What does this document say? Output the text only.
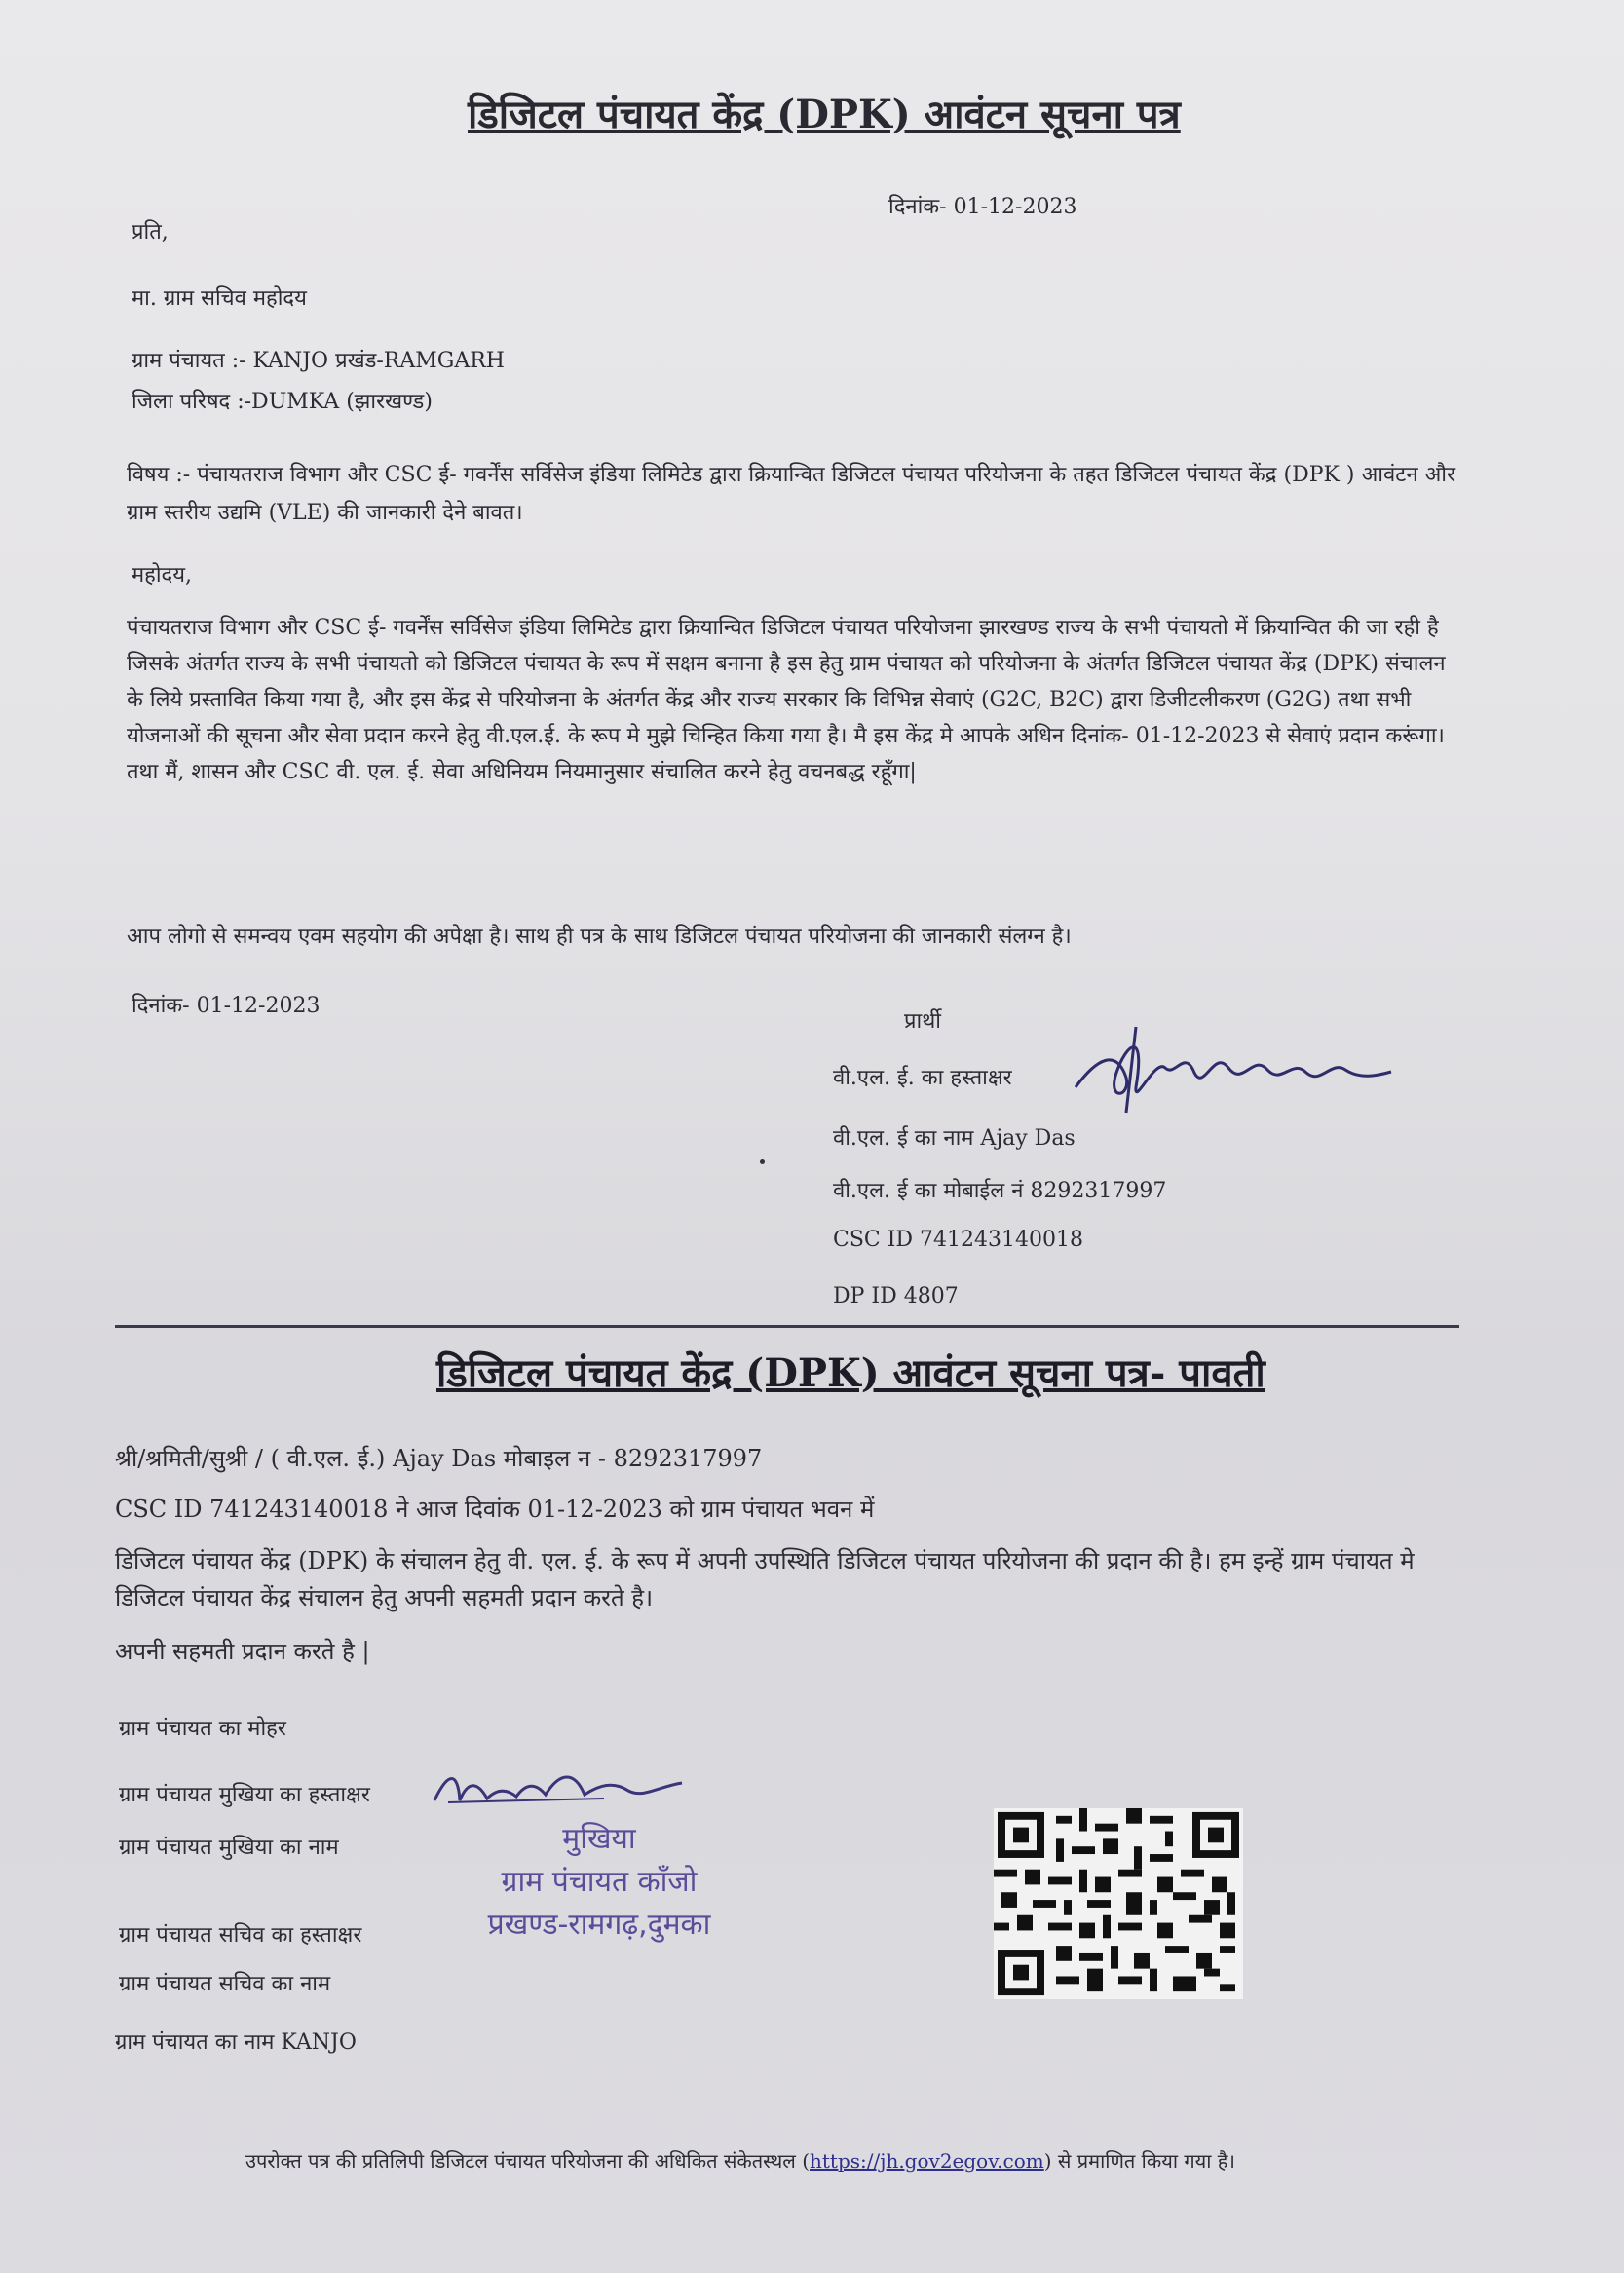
डिजिटल पंचायत केंद्र (DPK) आवंटन सूचना पत्र
दिनांक- 01-12-2023
प्रति,
मा. ग्राम सचिव महोदय
ग्राम पंचायत :- KANJO प्रखंड-RAMGARH
जिला परिषद :-DUMKA (झारखण्ड)
विषय :- पंचायतराज विभाग और CSC ई- गवर्नेंस सर्विसेज इंडिया लिमिटेड द्वारा क्रियान्वित डिजिटल पंचायत परियोजना के तहत डिजिटल पंचायत केंद्र (DPK ) आवंटन और ग्राम स्तरीय उद्यमि (VLE) की जानकारी देने बावत।
महोदय,
पंचायतराज विभाग और CSC ई- गवर्नेंस सर्विसेज इंडिया लिमिटेड द्वारा क्रियान्वित डिजिटल पंचायत परियोजना झारखण्ड राज्य के सभी पंचायतो में क्रियान्वित की जा रही है जिसके अंतर्गत राज्य के सभी पंचायतो को डिजिटल पंचायत के रूप में सक्षम बनाना है इस हेतु ग्राम पंचायत को परियोजना के अंतर्गत डिजिटल पंचायत केंद्र (DPK) संचालन के लिये प्रस्तावित किया गया है, और इस केंद्र से परियोजना के अंतर्गत केंद्र और राज्य सरकार कि विभिन्न सेवाएं (G2C, B2C) द्वारा डिजीटलीकरण (G2G) तथा सभी योजनाओं की सूचना और सेवा प्रदान करने हेतु वी.एल.ई. के रूप मे मुझे चिन्हित किया गया है। मै इस केंद्र मे आपके अधिन दिनांक- 01-12-2023 से सेवाएं प्रदान करूंगा। तथा मैं, शासन और CSC वी. एल. ई. सेवा अधिनियम नियमानुसार संचालित करने हेतु वचनबद्ध रहूँगा|
आप लोगो से समन्वय एवम सहयोग की अपेक्षा है। साथ ही पत्र के साथ डिजिटल पंचायत परियोजना की जानकारी संलग्न है।
दिनांक- 01-12-2023
प्रार्थी
वी.एल. ई. का हस्ताक्षर
वी.एल. ई का नाम Ajay Das
वी.एल. ई का मोबाईल नं 8292317997
CSC ID 741243140018
DP ID 4807
डिजिटल पंचायत केंद्र (DPK) आवंटन सूचना पत्र- पावती
श्री/श्रमिती/सुश्री / ( वी.एल. ई.) Ajay Das मोबाइल न - 8292317997
CSC ID 741243140018 ने आज दिवांक 01-12-2023 को ग्राम पंचायत भवन में
डिजिटल पंचायत केंद्र (DPK) के संचालन हेतु वी. एल. ई. के रूप में अपनी उपस्थिति डिजिटल पंचायत परियोजना की प्रदान की है। हम इन्हें ग्राम पंचायत मे डिजिटल पंचायत केंद्र संचालन हेतु अपनी सहमती प्रदान करते है।
अपनी सहमती प्रदान करते है |
ग्राम पंचायत का मोहर
ग्राम पंचायत मुखिया का हस्ताक्षर
ग्राम पंचायत मुखिया का नाम
ग्राम पंचायत सचिव का हस्ताक्षर
ग्राम पंचायत सचिव का नाम
ग्राम पंचायत का नाम KANJO
मुखिया
ग्राम पंचायत काँजो
प्रखण्ड-रामगढ़,दुमका
उपरोक्त पत्र की प्रतिलिपी डिजिटल पंचायत परियोजना की अधिकित संकेतस्थल (https://jh.gov2egov.com) से प्रमाणित किया गया है।
